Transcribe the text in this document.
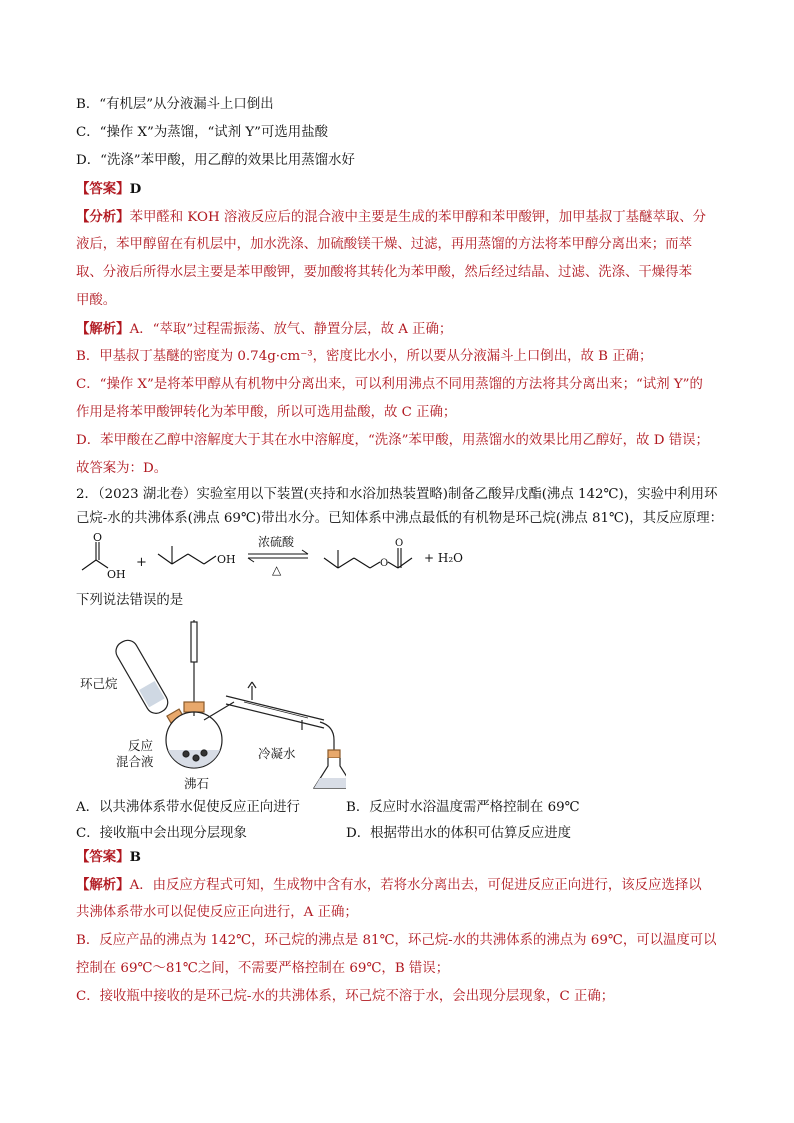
B．“有机层”从分液漏斗上口倒出
C．“操作 X”为蒸馏，“试剂 Y”可选用盐酸
D．“洗涤”苯甲酸，用乙醇的效果比用蒸馏水好
【答案】D
【分析】苯甲醛和 KOH 溶液反应后的混合液中主要是生成的苯甲醇和苯甲酸钾，加甲基叔丁基醚萃取、分
液后，苯甲醇留在有机层中，加水洗涤、加硫酸镁干燥、过滤，再用蒸馏的方法将苯甲醇分离出来；而萃
取、分液后所得水层主要是苯甲酸钾，要加酸将其转化为苯甲酸，然后经过结晶、过滤、洗涤、干燥得苯
甲酸。
【解析】A．“萃取”过程需振荡、放气、静置分层，故 A 正确；
B．甲基叔丁基醚的密度为 0.74g·cm⁻³，密度比水小，所以要从分液漏斗上口倒出，故 B 正确；
C．“操作 X”是将苯甲醇从有机物中分离出来，可以利用沸点不同用蒸馏的方法将其分离出来；“试剂 Y”的
作用是将苯甲酸钾转化为苯甲酸，所以可选用盐酸，故 C 正确；
D．苯甲酸在乙醇中溶解度大于其在水中溶解度，“洗涤”苯甲酸，用蒸馏水的效果比用乙醇好，故 D 错误；
故答案为：D。
2．（2023 湖北卷）实验室用以下装置(夹持和水浴加热装置略)制备乙酸异戊酯(沸点 142℃)，实验中利用环
己烷-水的共沸体系(沸点 69℃)带出水分。已知体系中沸点最低的有机物是环己烷(沸点 81℃)，其反应原理：
O
OH
+	OH
浓硫酸
△	O
O
+ H₂O
下列说法错误的是
环己烷
反应
混合液
沸石
冷凝水
A．以共沸体系带水促使反应正向进行	B．反应时水浴温度需严格控制在 69℃
C．接收瓶中会出现分层现象	D．根据带出水的体积可估算反应进度
【答案】B
【解析】A．由反应方程式可知，生成物中含有水，若将水分离出去，可促进反应正向进行，该反应选择以
共沸体系带水可以促使反应正向进行，A 正确；
B．反应产品的沸点为 142℃，环己烷的沸点是 81℃，环己烷-水的共沸体系的沸点为 69℃，可以温度可以
控制在 69℃～81℃之间，不需要严格控制在 69℃，B 错误；
C．接收瓶中接收的是环己烷-水的共沸体系，环己烷不溶于水，会出现分层现象，C 正确；
